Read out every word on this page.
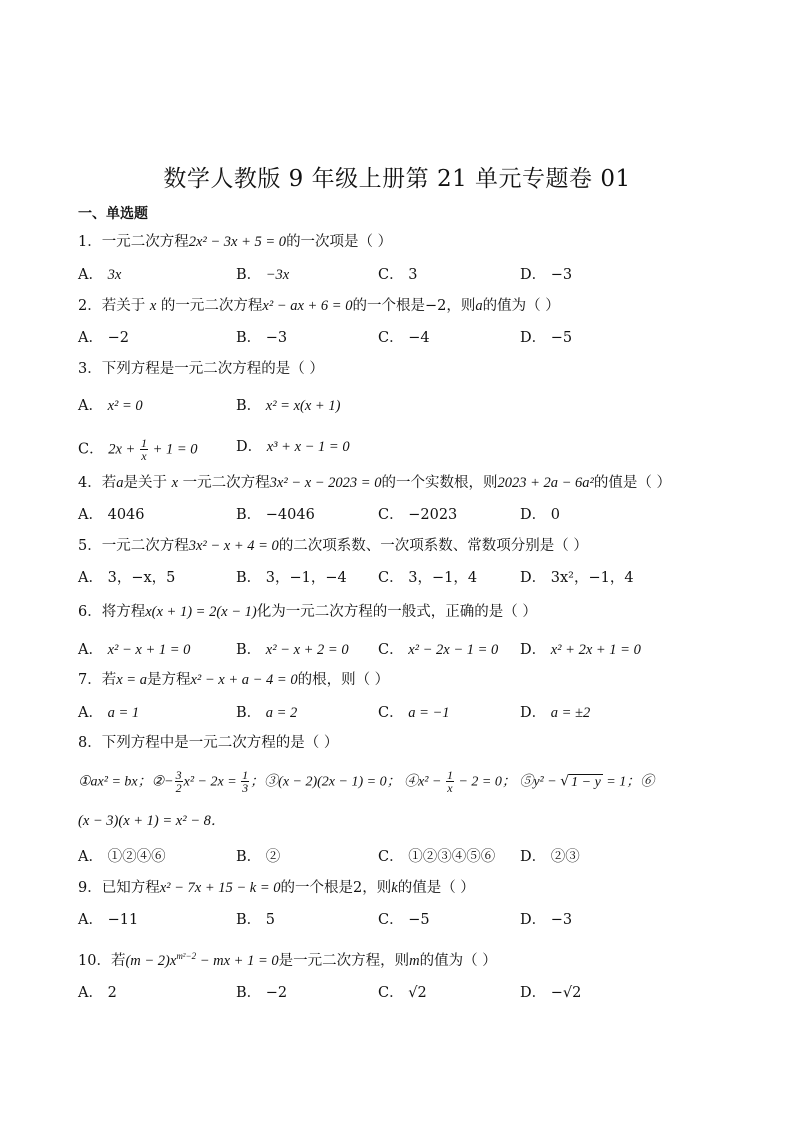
数学人教版 9 年级上册第 21 单元专题卷 01
一、单选题
1．一元二次方程2x² − 3x + 5 = 0的一次项是（ ）
A． 3x	B． −3x	C． 3	D． −3
2．若关于 x 的一元二次方程x² − ax + 6 = 0的一个根是−2，则a的值为（ ）
A． −2	B． −3	C． −4	D． −5
3．下列方程是一元二次方程的是（ ）
A． x² = 0	B． x² = x(x + 1)
C． $2x + \frac{1}{x} + 1 = 0$	D． x³ + x − 1 = 0
4．若a是关于 x 一元二次方程3x² − x − 2023 = 0的一个实数根，则2023 + 2a − 6a²的值是（ ）
A． 4046	B． −4046	C． −2023	D． 0
5．一元二次方程3x² − x + 4 = 0的二次项系数、一次项系数、常数项分别是（ ）
A． 3，−x，5	B． 3，−1，−4 C． 3，−1，4	D． 3x²，−1，4
6．将方程x(x + 1) = 2(x − 1)化为一元二次方程的一般式，正确的是（ ）
A． x² − x + 1 = 0	B． x² − x + 2 = 0 C． x² − 2x − 1 = 0 D． x² + 2x + 1 = 0
7．若x = a是方程x² − x + a − 4 = 0的根，则（ ）
A． a = 1	B． a = 2	C． a = −1	D． a = ±2
8．下列方程中是一元二次方程的是（ ）
①ax² = bx；②− $\frac{3}{2} x^2 - 2x = \frac{1}{3}$ ；③(x − 2)(2x − 1) = 0； ④x² − $\frac{1}{x} - 2 = 0$； ⑤y² − √ 1 − y = 1；⑥
(x − 3)(x + 1) = x² − 8．
A． ①②④⑥	B． ②	C． ①②③④⑤⑥ D． ②③
9．已知方程x² − 7x + 15 − k = 0的一个根是2，则k的值是（ ）
A． −11	B． 5	C． −5	D． −3
10．若$(m - 2)x^{m^2-2}$ − mx + 1 = 0是一元二次方程，则m的值为（ ）
A． 2	B． −2	C． √2	D． −√2
